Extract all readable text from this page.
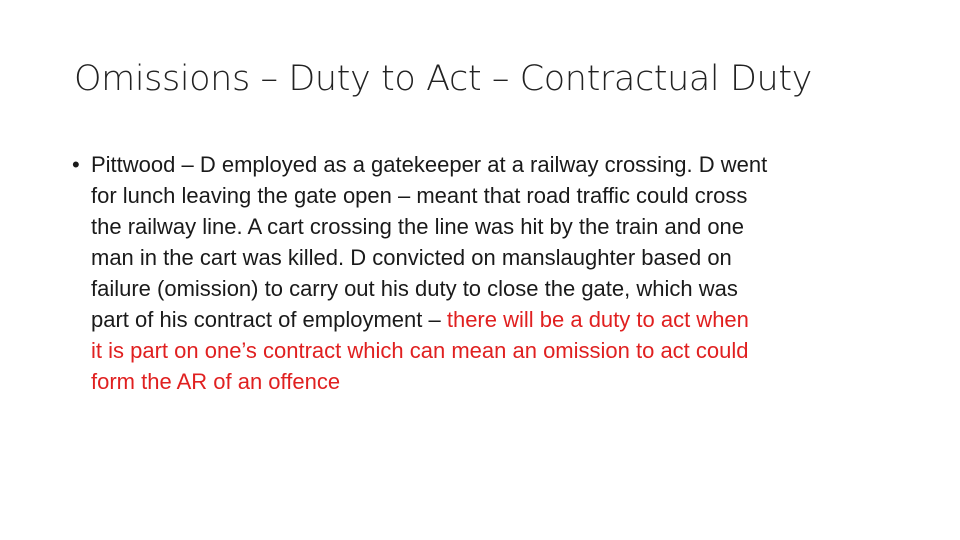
Omissions – Duty to Act – Contractual Duty
• Pittwood – D employed as a gatekeeper at a railway crossing. D went
for lunch leaving the gate open – meant that road traffic could cross
the railway line. A cart crossing the line was hit by the train and one
man in the cart was killed. D convicted on manslaughter based on
failure (omission) to carry out his duty to close the gate, which was
part of his contract of employment – there will be a duty to act when
it is part on one’s contract which can mean an omission to act could
form the AR of an offence
